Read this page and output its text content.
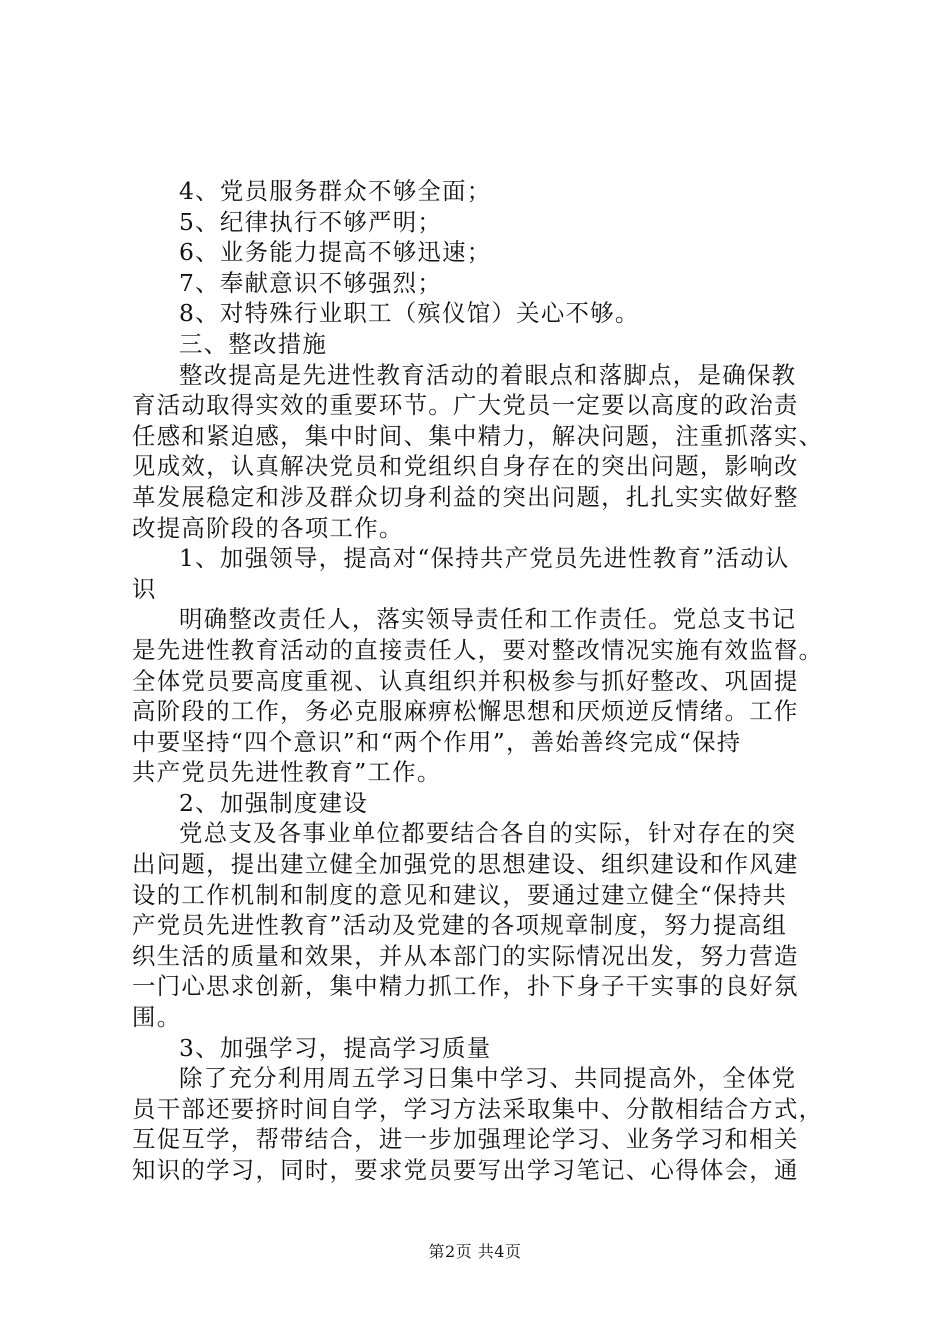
4、党员服务群众不够全面；
5、纪律执行不够严明；
6、业务能力提高不够迅速；
7、奉献意识不够强烈；
8、对特殊行业职工（殡仪馆）关心不够。
三、整改措施
整改提高是先进性教育活动的着眼点和落脚点，是确保教
育活动取得实效的重要环节。广大党员一定要以高度的政治责
任感和紧迫感，集中时间、集中精力，解决问题，注重抓落实、
见成效，认真解决党员和党组织自身存在的突出问题，影响改
革发展稳定和涉及群众切身利益的突出问题，扎扎实实做好整
改提高阶段的各项工作。
1、加强领导，提高对“保持共产党员先进性教育”活动认
识
明确整改责任人，落实领导责任和工作责任。党总支书记
是先进性教育活动的直接责任人，要对整改情况实施有效监督。
全体党员要高度重视、认真组织并积极参与抓好整改、巩固提
高阶段的工作，务必克服麻痹松懈思想和厌烦逆反情绪。工作
中要坚持“四个意识”和“两个作用”，善始善终完成“保持
共产党员先进性教育”工作。
2、加强制度建设
党总支及各事业单位都要结合各自的实际，针对存在的突
出问题，提出建立健全加强党的思想建设、组织建设和作风建
设的工作机制和制度的意见和建议，要通过建立健全“保持共
产党员先进性教育”活动及党建的各项规章制度，努力提高组
织生活的质量和效果，并从本部门的实际情况出发，努力营造
一门心思求创新，集中精力抓工作，扑下身子干实事的良好氛
围。
3、加强学习，提高学习质量
除了充分利用周五学习日集中学习、共同提高外，全体党
员干部还要挤时间自学，学习方法采取集中、分散相结合方式，
互促互学，帮带结合，进一步加强理论学习、业务学习和相关
知识的学习，同时，要求党员要写出学习笔记、心得体会，通
第2页 共4页
